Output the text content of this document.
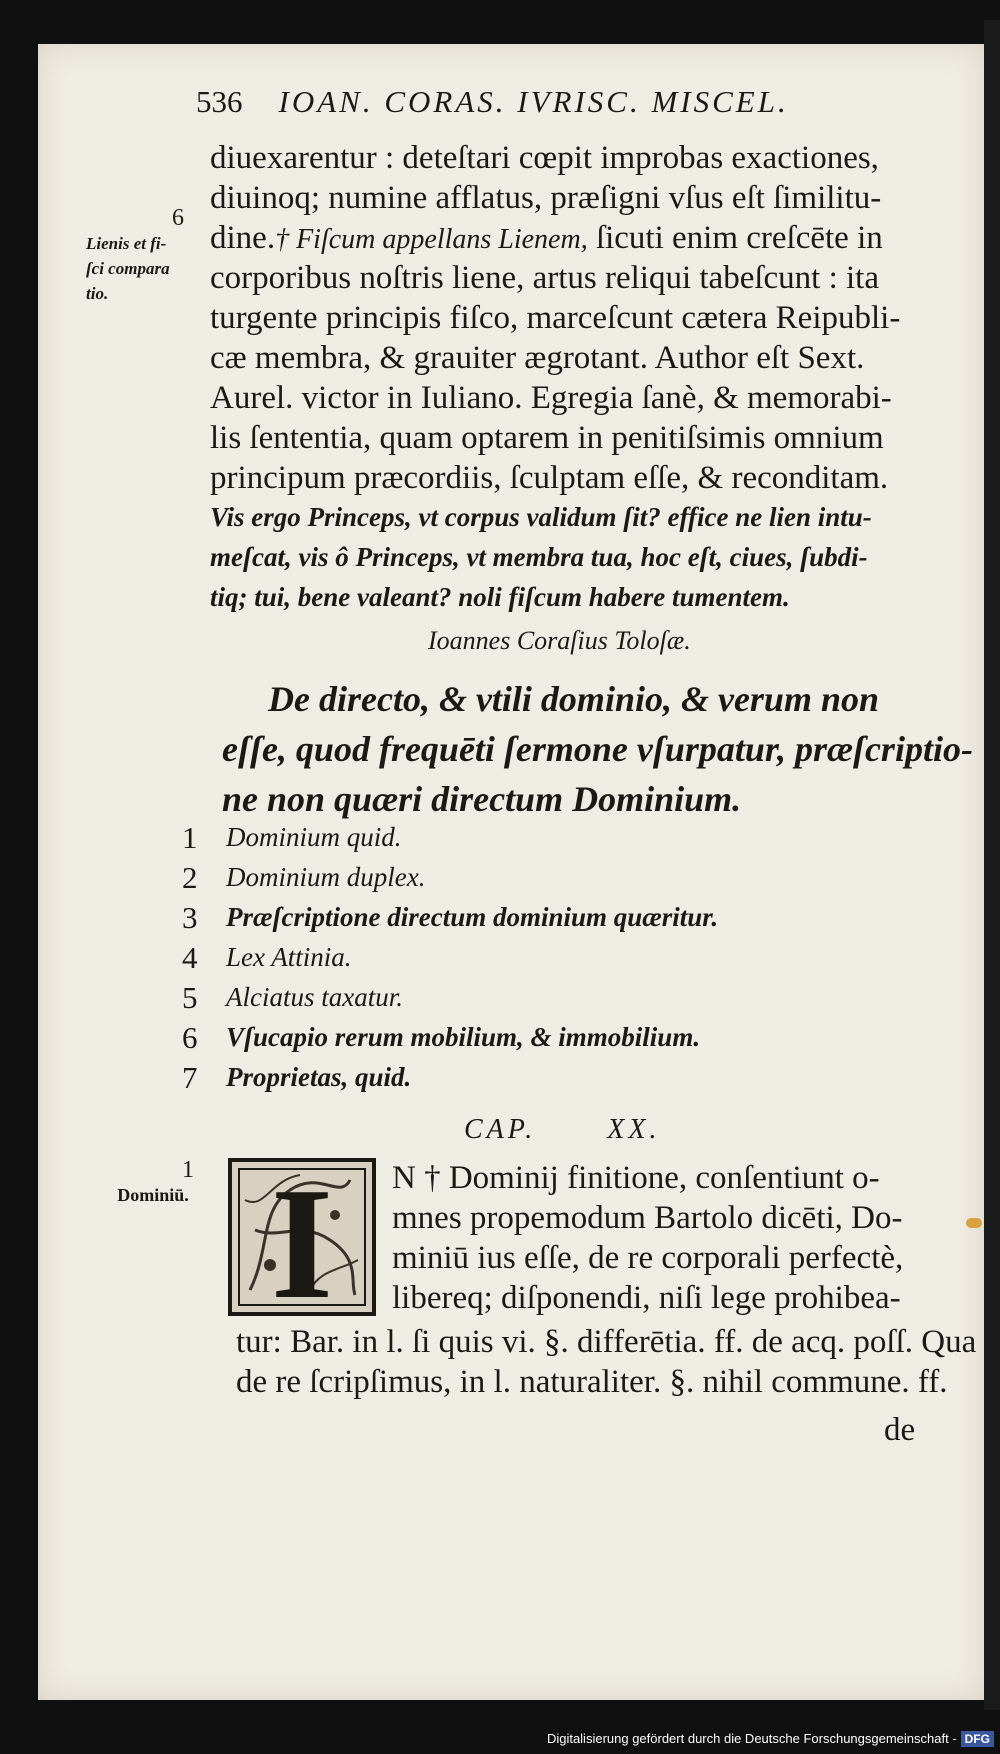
536 IOAN. CORAS. IVRISC. MISCEL.
diuexarentur : deteſtari cœpit improbas exactiones,
diuinoq; numine afflatus, præſigni vſus eſt ſimilitu-
dine.† Fiſcum appellans Lienem, ſicuti enim creſcēte in
corporibus noſtris liene, artus reliqui tabeſcunt : ita
turgente principis fiſco, marceſcunt cætera Reipubli-
cæ membra, & grauiter ægrotant. Author eſt Sext.
Aurel. victor in Iuliano. Egregia ſanè, & memorabi-
lis ſententia, quam optarem in penitiſsimis omnium
principum præcordiis, ſculptam eſſe, & reconditam.
Vis ergo Princeps, vt corpus validum ſit? effice ne lien intu-
meſcat, vis ô Princeps, vt membra tua, hoc eſt, ciues, ſubdi-
tiq; tui, bene valeant? noli fiſcum habere tumentem.
Ioannes Coraſius Toloſæ.
6
Lienis et fi-
ſci compara
tio.
De directo, & vtili dominio, & verum non
eſſe, quod frequēti ſermone vſurpatur, præſcriptio-
ne non quæri directum Dominium.
1 Dominium quid.
2 Dominium duplex.
3 Præſcriptione directum dominium quæritur.
4 Lex Attinia.
5 Alciatus taxatur.
6 Vſucapio rerum mobilium, & immobilium.
7 Proprietas, quid.
CAP.	XX.
1
Dominiū. I	N † Dominij finitione, conſentiunt o-
mnes propemodum Bartolo dicēti, Do-
miniū ius eſſe, de re corporali perfectè,
libereq; diſponendi, niſi lege prohibea-
tur: Bar. in l. ſi quis vi. §. differētia. ff. de acq. poſſ. Qua
de re ſcripſimus, in l. naturaliter. §. nihil commune. ff.
de
Digitalisierung gefördert durch die Deutsche Forschungsgemeinschaft - DFG
